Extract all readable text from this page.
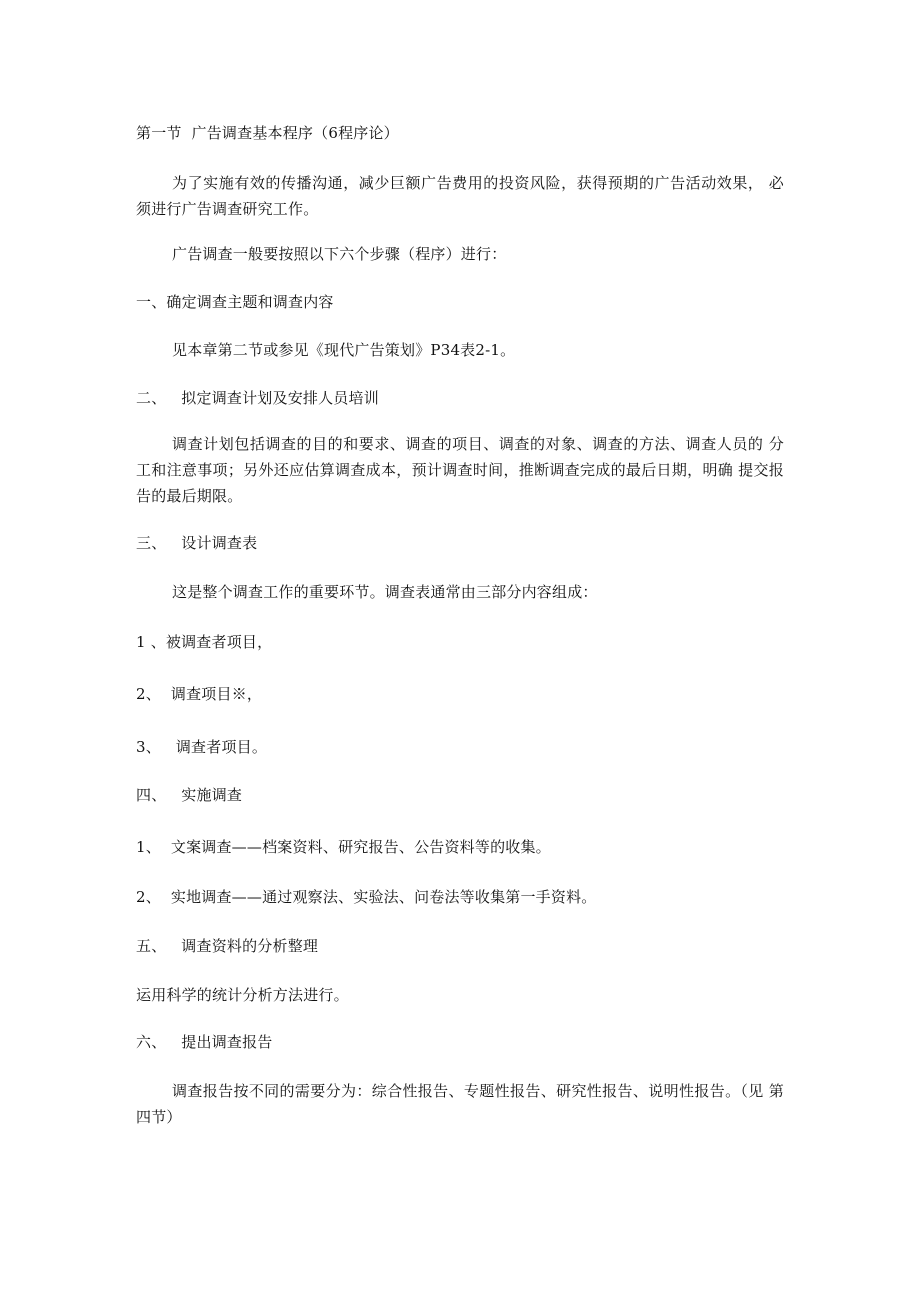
第一节  广告调查基本程序（6程序论）
为了实施有效的传播沟通，减少巨额广告费用的投资风险，获得预期的广告活动效果， 必须进行广告调查研究工作。
广告调查一般要按照以下六个步骤（程序）进行：
一、确定调查主题和调查内容
见本章第二节或参见《现代广告策划》P34表2-1。
二、   拟定调查计划及安排人员培训
调查计划包括调查的目的和要求、调查的项目、调查的对象、调查的方法、调查人员的 分工和注意事项；另外还应估算调查成本，预计调查时间，推断调查完成的最后日期，明确 提交报告的最后期限。
三、   设计调查表
这是整个调查工作的重要环节。调查表通常由三部分内容组成：
1 、被调查者项目，
2、  调查项目※，
3、   调查者项目。
四、   实施调查
1、  文案调查——档案资料、研究报告、公告资料等的收集。
2、  实地调查——通过观察法、实验法、问卷法等收集第一手资料。
五、   调查资料的分析整理
运用科学的统计分析方法进行。
六、   提出调查报告
调查报告按不同的需要分为：综合性报告、专题性报告、研究性报告、说明性报告。（见 第四节）
